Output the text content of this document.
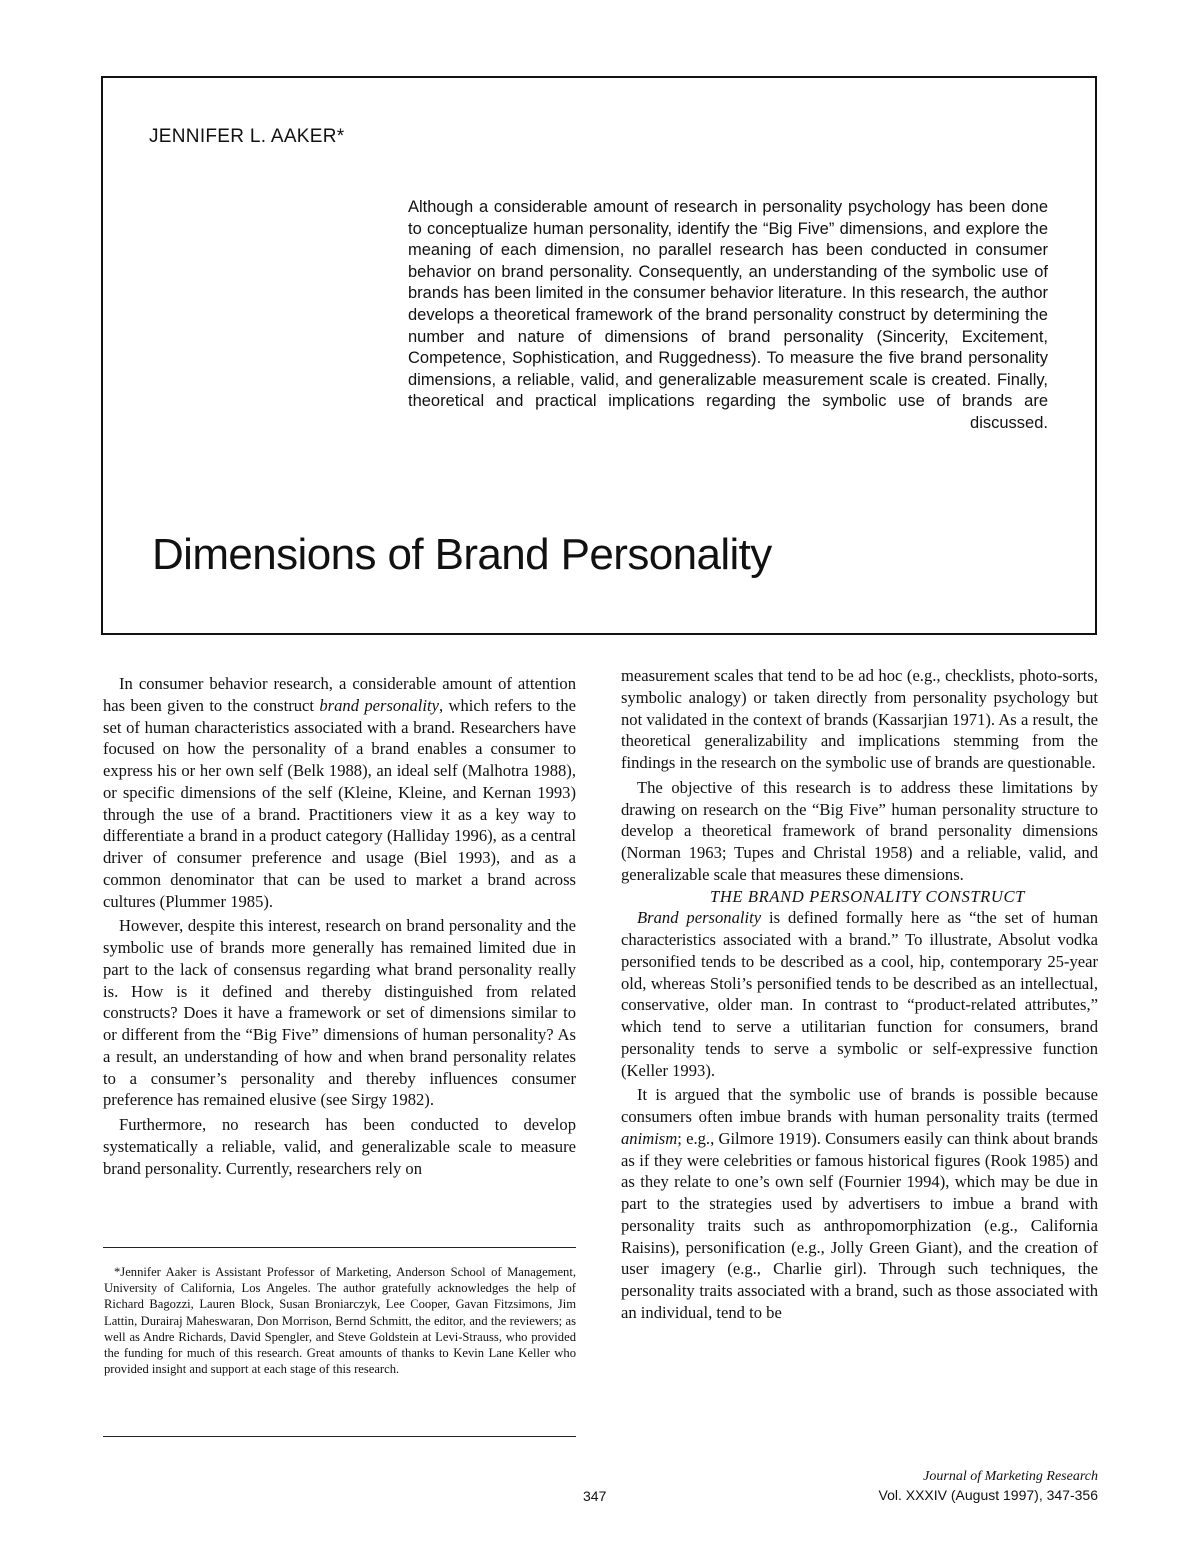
JENNIFER L. AAKER*
Although a considerable amount of research in personality psychology has been done to conceptualize human personality, identify the “Big Five” dimensions, and explore the meaning of each dimension, no parallel research has been conducted in consumer behavior on brand personality. Consequently, an understanding of the symbolic use of brands has been limited in the consumer behavior literature. In this research, the author develops a theoretical framework of the brand personality construct by determining the number and nature of dimensions of brand personality (Sincerity, Excitement, Competence, Sophistication, and Ruggedness). To measure the five brand personality dimensions, a reliable, valid, and generalizable measurement scale is created. Finally, theoretical and practical implications regarding the symbolic use of brands are discussed.
Dimensions of Brand Personality

In consumer behavior research, a considerable amount of attention has been given to the construct brand personality, which refers to the set of human characteristics associated with a brand. Researchers have focused on how the personality of a brand enables a consumer to express his or her own self (Belk 1988), an ideal self (Malhotra 1988), or specific dimensions of the self (Kleine, Kleine, and Kernan 1993) through the use of a brand. Practitioners view it as a key way to differentiate a brand in a product category (Halliday 1996), as a central driver of consumer preference and usage (Biel 1993), and as a common denominator that can be used to market a brand across cultures (Plummer 1985).

However, despite this interest, research on brand personality and the symbolic use of brands more generally has remained limited due in part to the lack of consensus regarding what brand personality really is. How is it defined and thereby distinguished from related constructs? Does it have a framework or set of dimensions similar to or different from the “Big Five” dimensions of human personality? As a result, an understanding of how and when brand personality relates to a consumer’s personality and thereby influences consumer preference has remained elusive (see Sirgy 1982).

Furthermore, no research has been conducted to develop systematically a reliable, valid, and generalizable scale to measure brand personality. Currently, researchers rely on

*Jennifer Aaker is Assistant Professor of Marketing, Anderson School of Management, University of California, Los Angeles. The author gratefully acknowledges the help of Richard Bagozzi, Lauren Block, Susan Broniarczyk, Lee Cooper, Gavan Fitzsimons, Jim Lattin, Durairaj Maheswaran, Don Morrison, Bernd Schmitt, the editor, and the reviewers; as well as Andre Richards, David Spengler, and Steve Goldstein at Levi-Strauss, who provided the funding for much of this research. Great amounts of thanks to Kevin Lane Keller who provided insight and support at each stage of this research.

measurement scales that tend to be ad hoc (e.g., checklists, photo-sorts, symbolic analogy) or taken directly from personality psychology but not validated in the context of brands (Kassarjian 1971). As a result, the theoretical generalizability and implications stemming from the findings in the research on the symbolic use of brands are questionable.

The objective of this research is to address these limitations by drawing on research on the “Big Five” human personality structure to develop a theoretical framework of brand personality dimensions (Norman 1963; Tupes and Christal 1958) and a reliable, valid, and generalizable scale that measures these dimensions.

THE BRAND PERSONALITY CONSTRUCT

Brand personality is defined formally here as “the set of human characteristics associated with a brand.” To illustrate, Absolut vodka personified tends to be described as a cool, hip, contemporary 25-year old, whereas Stoli’s personified tends to be described as an intellectual, conservative, older man. In contrast to “product-related attributes,” which tend to serve a utilitarian function for consumers, brand personality tends to serve a symbolic or self-expressive function (Keller 1993).

It is argued that the symbolic use of brands is possible because consumers often imbue brands with human personality traits (termed animism; e.g., Gilmore 1919). Consumers easily can think about brands as if they were celebrities or famous historical figures (Rook 1985) and as they relate to one’s own self (Fournier 1994), which may be due in part to the strategies used by advertisers to imbue a brand with personality traits such as anthropomorphization (e.g., California Raisins), personification (e.g., Jolly Green Giant), and the creation of user imagery (e.g., Charlie girl). Through such techniques, the personality traits associated with a brand, such as those associated with an individual, tend to be

347
Journal of Marketing Research
Vol. XXXIV (August 1997), 347-356
